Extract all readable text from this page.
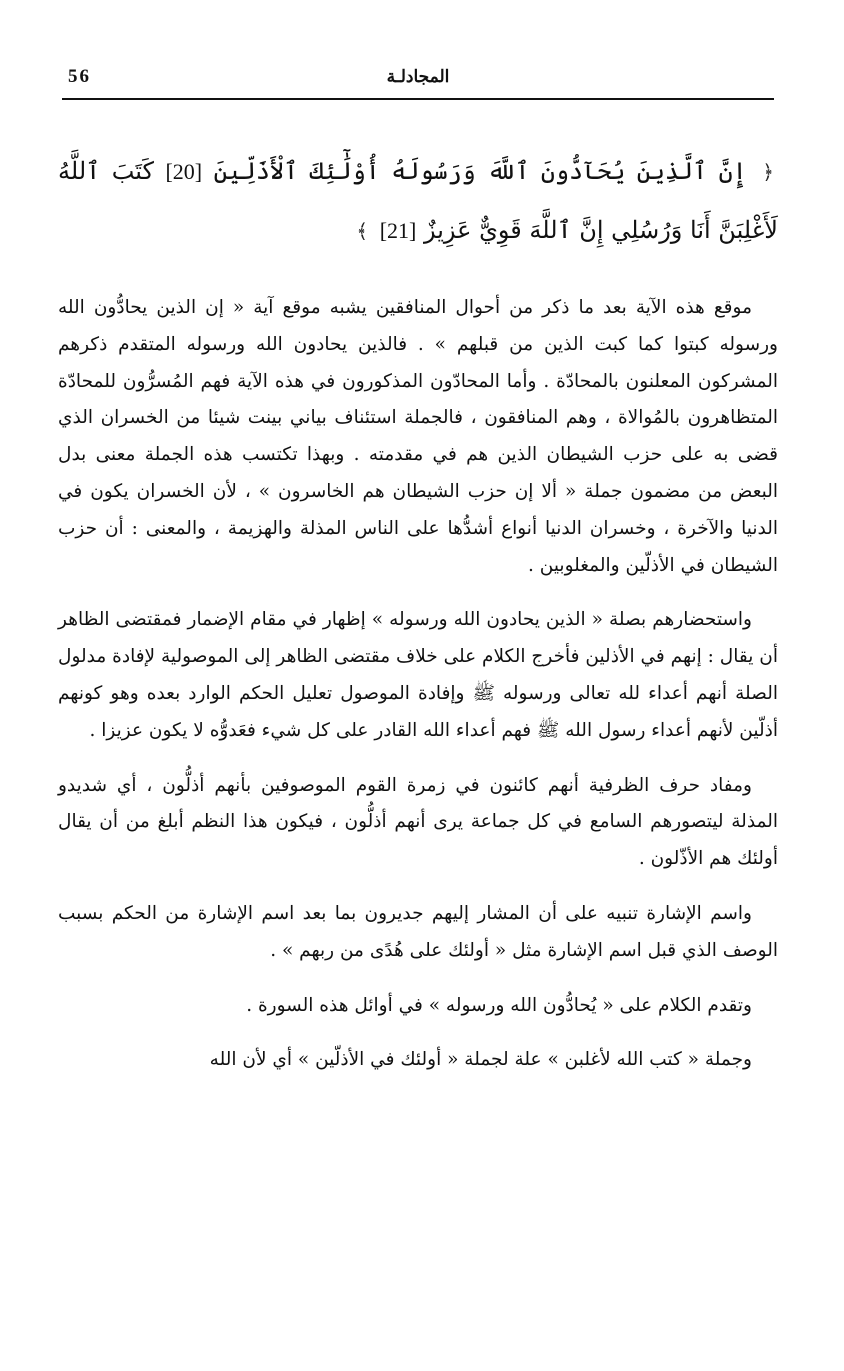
56	المجادلـة

﴿ إِنَّ ٱلَّذِينَ يُحَآدُّونَ ٱللَّهَ وَرَسُولَهُ أُوْلَٰٓئِكَ ٱلْأَذَلِّينَ [20] كَتَبَ ٱللَّهُ لَأَغْلِبَنَّ أَنَا وَرُسُلِي إِنَّ ٱللَّهَ قَوِيٌّ عَزِيزٌ [21] ﴾

موقع هذه الآية بعد ما ذكر من أحوال المنافقين يشبه موقع آية « إن الذين يحادُّون الله ورسوله كبتوا كما كبت الذين من قبلهم » . فالذين يحادون الله ورسوله المتقدم ذكرهم المشركون المعلنون بالمحادّة . وأما المحادّون المذكورون في هذه الآية فهم المُسرُّون للمحادّة المتظاهرون بالمُوالاة ، وهم المنافقون ، فالجملة استئناف بياني بينت شيئا من الخسران الذي قضى به على حزب الشيطان الذين هم في مقدمته . وبهذا تكتسب هذه الجملة معنى بدل البعض من مضمون جملة « ألا إن حزب الشيطان هم الخاسرون » ، لأن الخسران يكون في الدنيا والآخرة ، وخسران الدنيا أنواع أشدُّها على الناس المذلة والهزيمة ، والمعنى : أن حزب الشيطان في الأذلّين والمغلوبين .

واستحضارهم بصلة « الذين يحادون الله ورسوله » إظهار في مقام الإضمار فمقتضى الظاهر أن يقال : إنهم في الأذلين فأخرج الكلام على خلاف مقتضى الظاهر إلى الموصولية لإفادة مدلول الصلة أنهم أعداء لله تعالى ورسوله ﷺ وإفادة الموصول تعليل الحكم الوارد بعده وهو كونهم أذلّين لأنهم أعداء رسول الله ﷺ فهم أعداء الله القادر على كل شيء فعَدوُّه لا يكون عزيزا .

ومفاد حرف الظرفية أنهم كائنون في زمرة القوم الموصوفين بأنهم أذلُّون ، أي شديدو المذلة ليتصورهم السامع في كل جماعة يرى أنهم أذلُّون ، فيكون هذا النظم أبلغ من أن يقال أولئك هم الأذّلون .

واسم الإشارة تنبيه على أن المشار إليهم جديرون بما بعد اسم الإشارة من الحكم بسبب الوصف الذي قبل اسم الإشارة مثل « أولئك على هُدًى من ربهم » .

وتقدم الكلام على « يُحادُّون الله ورسوله » في أوائل هذه السورة .

وجملة « كتب الله لأغلبن » علة لجملة « أولئك في الأذلّين » أي لأن الله
